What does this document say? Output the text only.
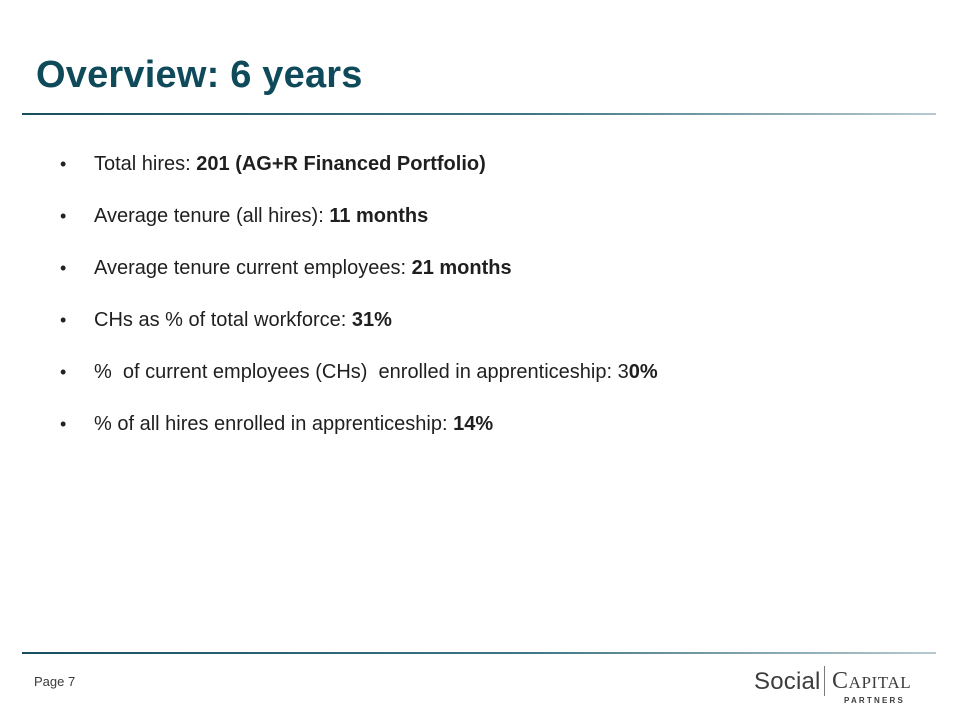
Overview: 6 years
• Total hires: 201 (AG+R Financed Portfolio)
• Average tenure (all hires): 11 months
• Average tenure current employees: 21 months
• CHs as % of total workforce: 31%
• %  of current employees (CHs)  enrolled in apprenticeship: 30%
• % of all hires enrolled in apprenticeship: 14%
Page 7	Social Capital
PARTNERS
